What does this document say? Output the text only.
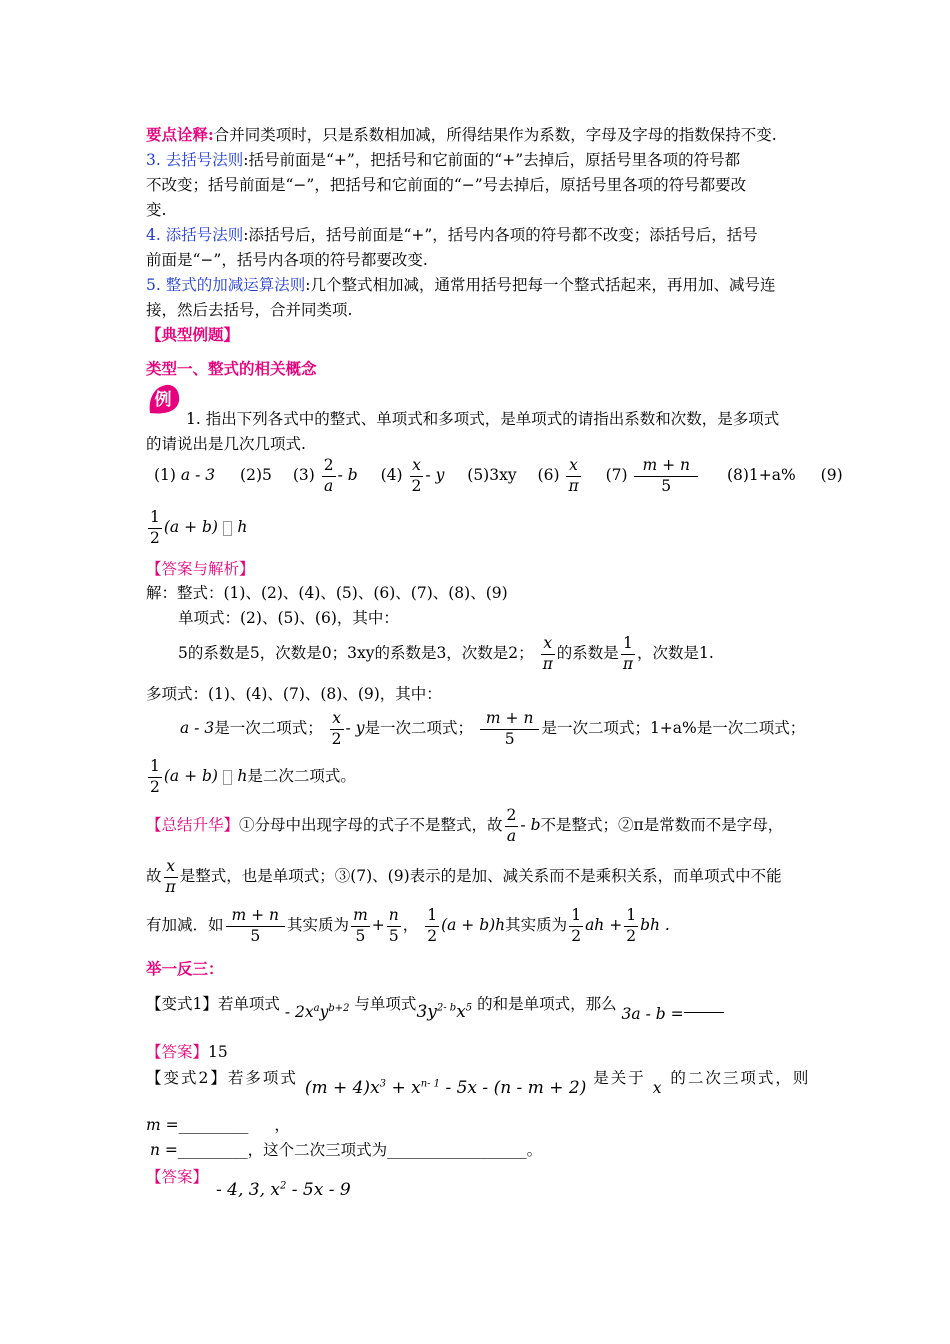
要点诠释:合并同类项时，只是系数相加减，所得结果作为系数，字母及字母的指数保持不变.
3. 去括号法则:括号前面是“+”，把括号和它前面的“+”去掉后，原括号里各项的符号都
不改变；括号前面是“−”，把括号和它前面的“−”号去掉后，原括号里各项的符号都要改
变.
4. 添括号法则:添括号后，括号前面是“+”，括号内各项的符号都不改变；添括号后，括号
前面是“−”，括号内各项的符号都要改变.
5. 整式的加减运算法则:几个整式相加减，通常用括号把每一个整式括起来，再用加、减号连
接，然后去括号，合并同类项.
【典型例题】
类型一、整式的相关概念
例
1. 指出下列各式中的整式、单项式和多项式，是单项式的请指出系数和次数，是多项式
的请说出是几次几项式.
(1) a - 3 (2)5 $(3) \frac{2}{a}$ - b $(4) \frac{x}{2}$ - y (5)3xy $(6) \frac{x}{\pi} (7) \frac{m + n}{5} (8)1+a\%$ (9)
$\frac{1}{2} (a + b)$ h
【答案与解析】
解：整式：(1)、(2)、(4)、(5)、(6)、(7)、(8)、(9)
单项式：(2)、(5)、(6)，其中：
5的系数是5，次数是0；3xy的系数是3，次数是2； $\frac{x}{\pi}$ 的系数是 $\frac{1}{\pi}$ ，次数是1.
多项式：(1)、(4)、(7)、(8)、(9)，其中：
a - 3是一次二项式； $\frac{x}{2}$ - y是一次二项式； $\frac{m + n}{5}$ 是一次二项式；1+a%是一次二项式；
$\frac{1}{2} (a + b)$ h是二次二项式。
【总结升华】①分母中出现字母的式子不是整式，故 $\frac{2}{a}$ - b不是整式；②π是常数而不是字母，
故 $\frac{x}{\pi}$ 是整式，也是单项式；③(7)、(9)表示的是加、减关系而不是乘积关系，而单项式中不能
有加减．如 $\frac{m + n}{5}$ 其实质为 $\frac{m}{5} + \frac{n}{5}$ ， $\frac{1}{2} (a + b)h$其实质为 $\frac{1}{2}$ ah + $\frac{1}{2}$ bh .
举一反三：
【变式1】若单项式 - $2x^ay^{b+2}$ 与单项式$3y^{2- b}x^5$ 的和是单项式，那么 3a - b =
【答案】15
【变式2】若多项式 $(m + 4)x^3 + x^{n- 1} - 5x - (n - m + 2)$ 是关于 x 的二次三项式，则
m =_________ ，
n =_________，这个二次三项式为__________________。
【答案】
- 4, 3, $x^2 - 5x - 9$
